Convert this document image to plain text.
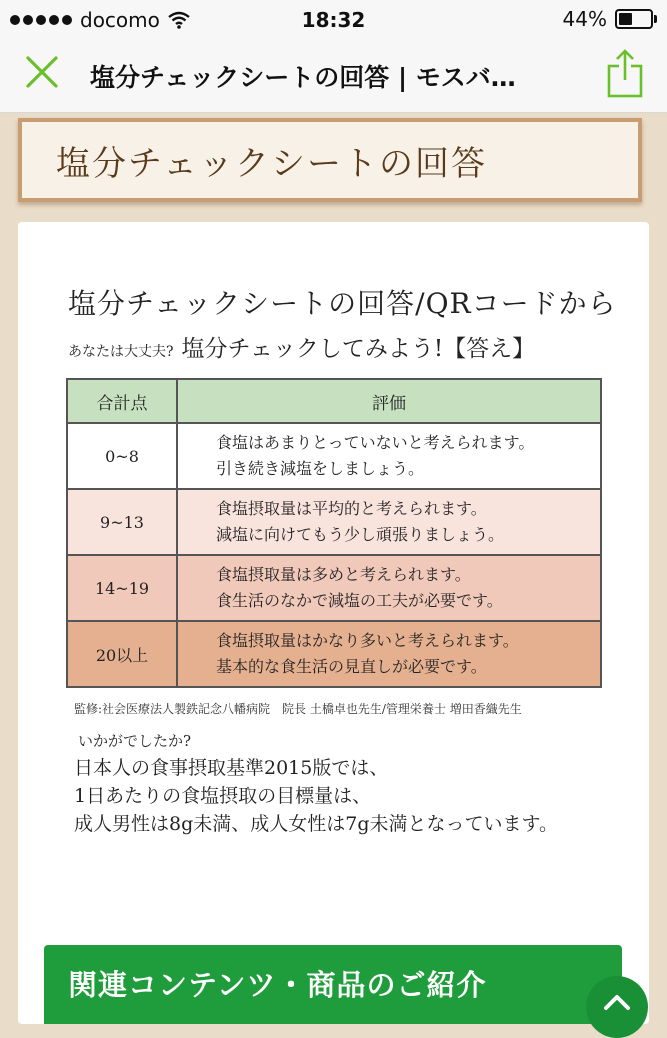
docomo	18:32	44%
塩分チェックシートの回答 | モスバ…
塩分チェックシートの回答
塩分チェックシートの回答/QRコードから
あなたは大丈夫? 塩分チェックしてみよう!【答え】
合計点	評価
0~8	食塩はあまりとっていないと考えられます。
引き続き減塩をしましょう。

9~13	食塩摂取量は平均的と考えられます。
減塩に向けてもう少し頑張りましょう。

14~19	食塩摂取量は多めと考えられます。
食生活のなかで減塩の工夫が必要です。

20以上	食塩摂取量はかなり多いと考えられます。
基本的な食生活の見直しが必要です。
監修:社会医療法人製鉄記念八幡病院　院長 土橋卓也先生/管理栄養士 増田香織先生
いかがでしたか?
日本人の食事摂取基準2015版では、
1日あたりの食塩摂取の目標量は、
成人男性は8g未満、成人女性は7g未満となっています。
関連コンテンツ・商品のご紹介
